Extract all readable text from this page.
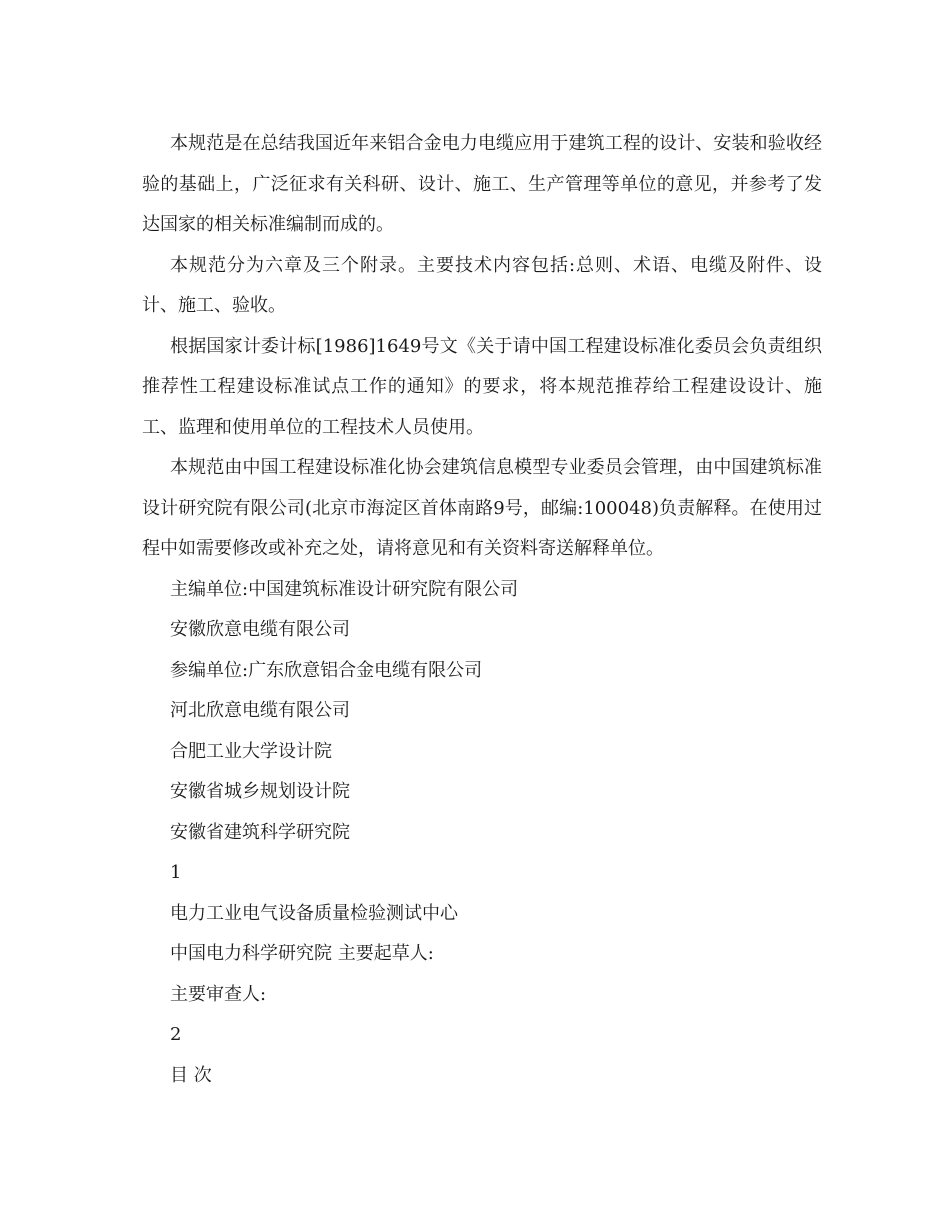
本规范是在总结我国近年来铝合金电力电缆应用于建筑工程的设计、安装和验收经验的基础上，广泛征求有关科研、设计、施工、生产管理等单位的意见，并参考了发达国家的相关标准编制而成的。

本规范分为六章及三个附录。主要技术内容包括:总则、术语、电缆及附件、设计、施工、验收。

根据国家计委计标[1986]1649号文《关于请中国工程建设标准化委员会负责组织推荐性工程建设标准试点工作的通知》的要求，将本规范推荐给工程建设设计、施工、监理和使用单位的工程技术人员使用。

本规范由中国工程建设标准化协会建筑信息模型专业委员会管理，由中国建筑标准设计研究院有限公司(北京市海淀区首体南路9号，邮编:100048)负责解释。在使用过程中如需要修改或补充之处，请将意见和有关资料寄送解释单位。

主编单位:中国建筑标准设计研究院有限公司

安徽欣意电缆有限公司

参编单位:广东欣意铝合金电缆有限公司

河北欣意电缆有限公司

合肥工业大学设计院

安徽省城乡规划设计院

安徽省建筑科学研究院

1

电力工业电气设备质量检验测试中心

中国电力科学研究院 主要起草人:

主要审查人:

2

目 次
